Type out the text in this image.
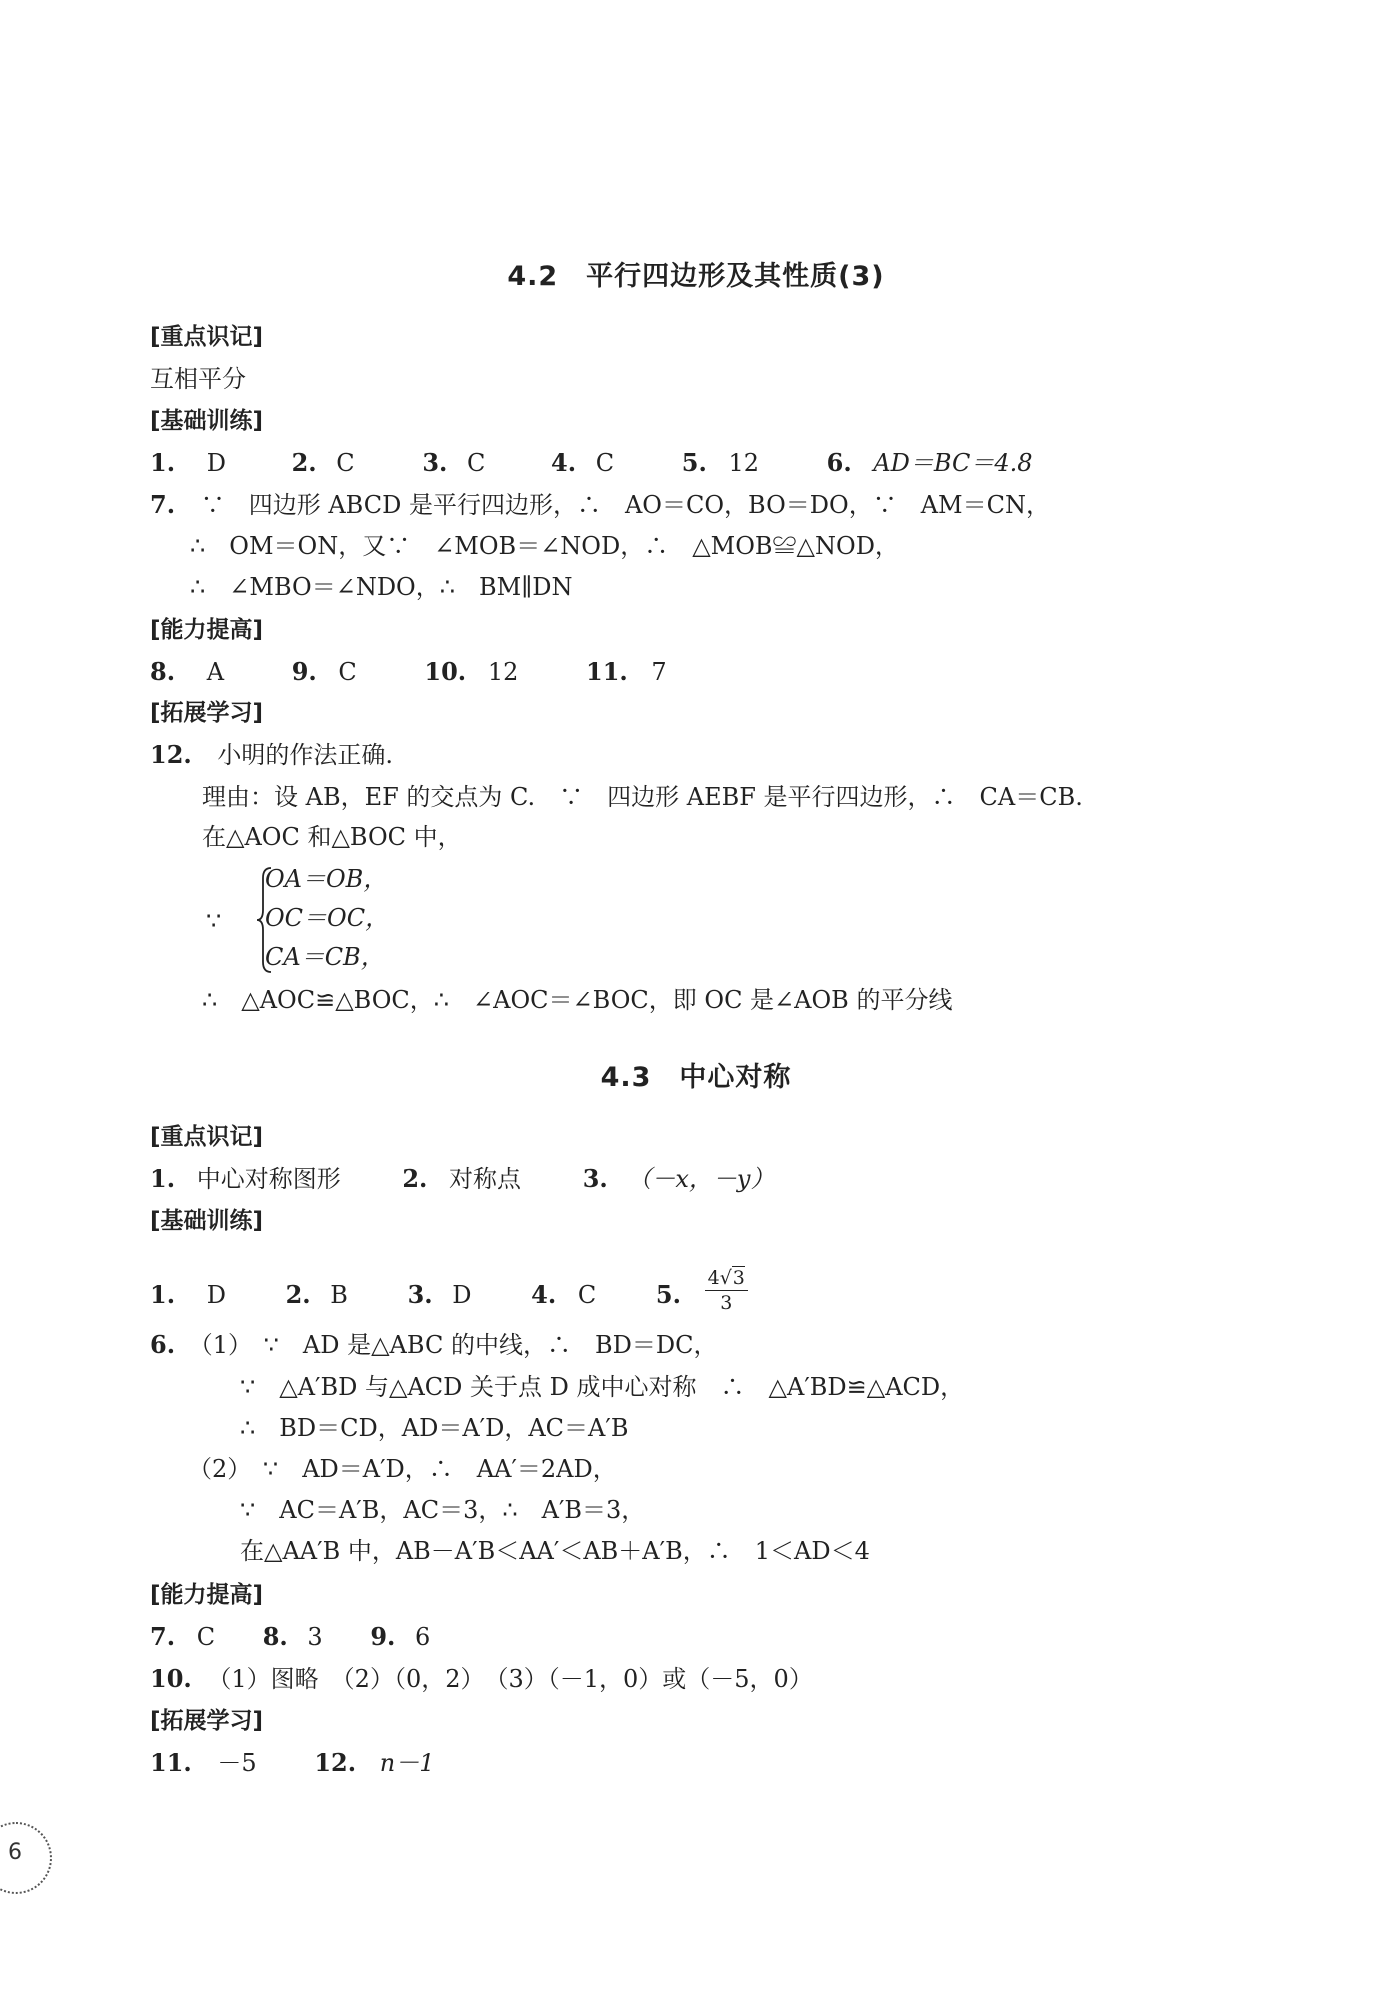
4.2　平行四边形及其性质(3)
[重点识记]
互相平分
[基础训练]
1. D	2. C	3. C	4. C	5. 12	6. AD＝BC＝4.8
7. ∵　四边形 ABCD 是平行四边形，∴　AO＝CO，BO＝DO，∵　AM＝CN，
∴　OM＝ON，又∵　∠MOB＝∠NOD，∴　△MOB≌△NOD，
∴　∠MBO＝∠NDO，∴　BM∥DN
[能力提高]
8. A	9. C	10. 12	11. 7
[拓展学习]
12. 小明的作法正确.
理由：设 AB，EF 的交点为 C.　∵　四边形 AEBF 是平行四边形，∴　CA＝CB.
在△AOC 和△BOC 中，
∵
OA＝OB，
OC＝OC，
CA＝CB，
∴　△AOC≌△BOC，∴　∠AOC＝∠BOC，即 OC 是∠AOB 的平分线
4.3　中心对称
[重点识记]
1. 中心对称图形	2. 对称点	3. （－x，－y）
[基础训练]
1. D 2. B 3. D 4. C 5. $\frac{4√3}{3}$
6. （1） ∵　AD 是△ABC 的中线，∴　BD＝DC，
∵　△A′BD 与△ACD 关于点 D 成中心对称　∴　△A′BD≌△ACD，
∴　BD＝CD，AD＝A′D，AC＝A′B
（2） ∵　AD＝A′D，∴　AA′＝2AD，
∵　AC＝A′B，AC＝3，∴　A′B＝3，
在△AA′B 中，AB－A′B＜AA′＜AB＋A′B，∴　1＜AD＜4
[能力提高]
7. C 8. 3 9. 6
10. （1）图略　（2）（0，2）　（3）（－1，0）或（－5，0）
[拓展学习]
11. －5 12. n－1
6
